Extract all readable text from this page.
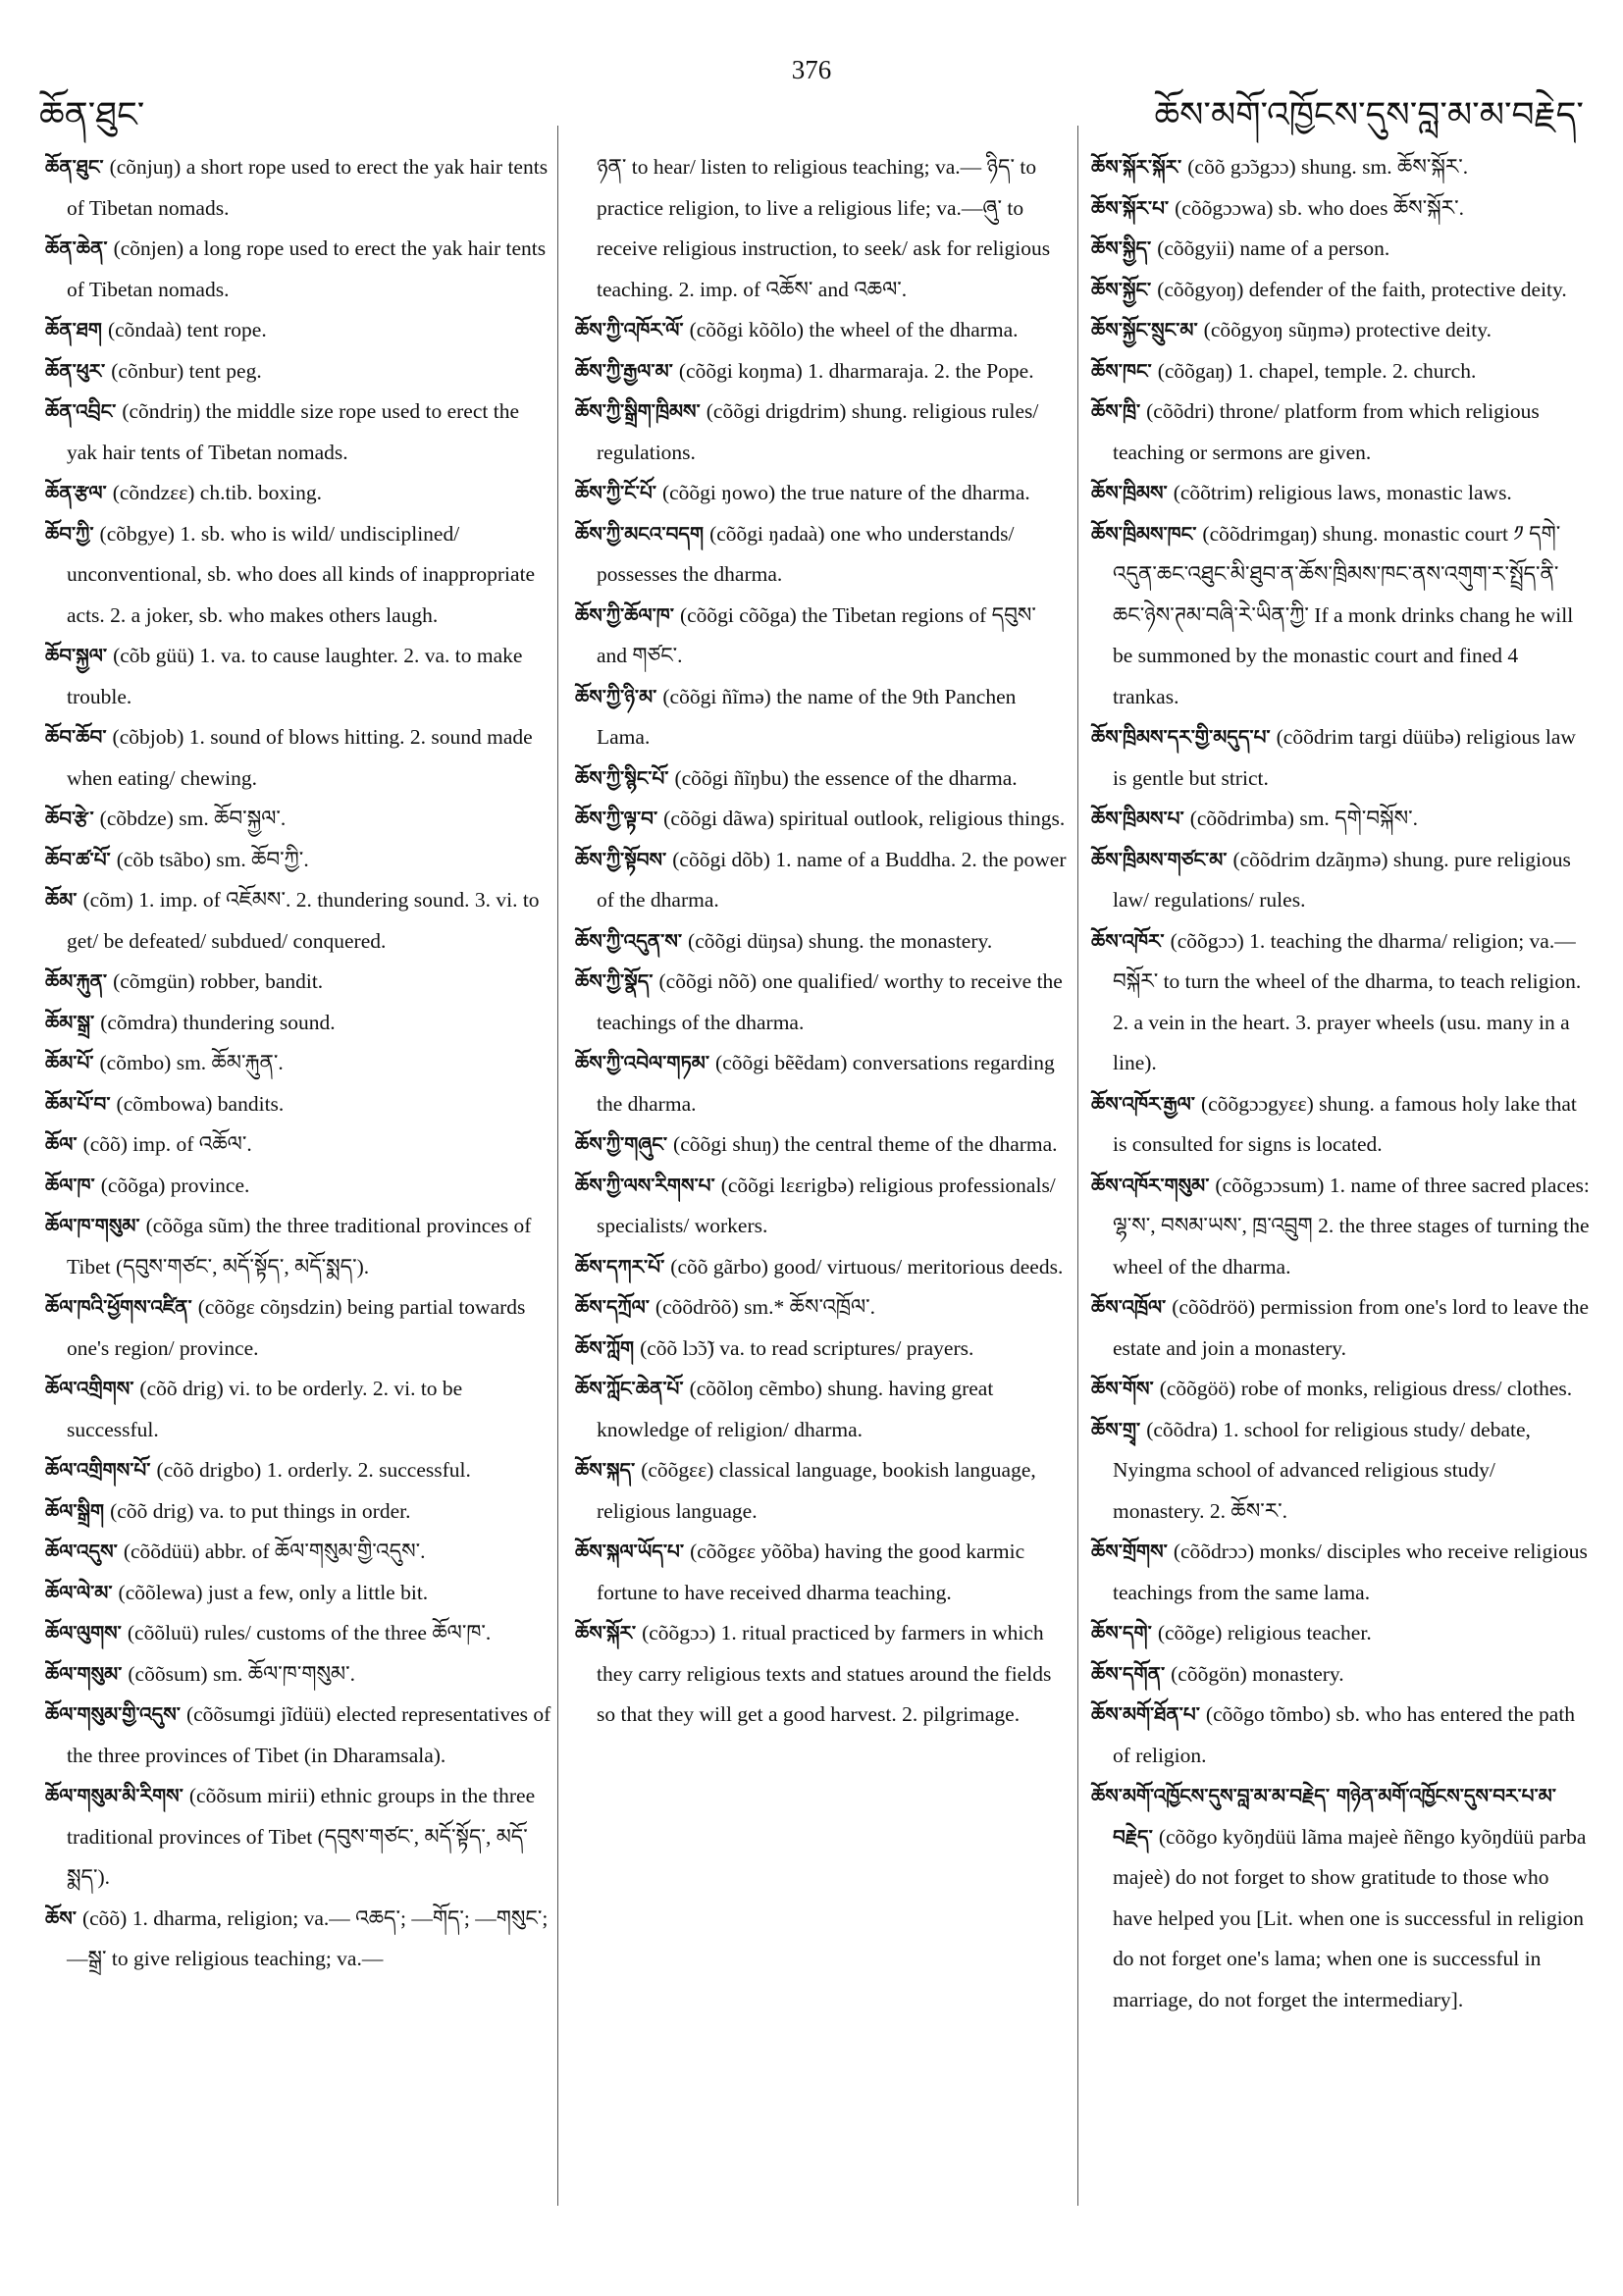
376
ཆོན་ཐུང་	ཆོས་མགོ་འཁྱོངས་དུས་བླ་མ་མ་བརྗེད་

ཆོན་ཐུང་ (cõnjuŋ) a short rope used to erect the yak hair tents of Tibetan nomads.

ཆོན་ཆེན་ (cõnjen) a long rope used to erect the yak hair tents of Tibetan nomads.

ཆོན་ཐག (cõndaà) tent rope.

ཆོན་ཕུར་ (cõnbur) tent peg.

ཆོན་འབྲིང་ (cõndriŋ) the middle size rope used to erect the yak hair tents of Tibetan nomads.

ཆོན་རྩལ་ (cõndzεε) ch.tib. boxing.

ཆོབ་ཀྱི་ (cõbgye) 1. sb. who is wild/ undisciplined/ unconventional, sb. who does all kinds of inappropriate acts. 2. a joker, sb. who makes others laugh.

ཆོབ་སྐྱལ་ (cõb güü) 1. va. to cause laughter. 2. va. to make trouble.

ཆོབ་ཆོབ་ (cõbjob) 1. sound of blows hitting. 2. sound made when eating/ chewing.

ཆོབ་རྩེ་ (cõbdze) sm. ཆོབ་སྐྱལ་.

ཆོབ་ཚ་པོ་ (cõb tsãbo) sm. ཆོབ་ཀྱི་.

ཆོམ་ (cõm) 1. imp. of འཇོམས་. 2. thundering sound. 3. vi. to get/ be defeated/ subdued/ conquered.

ཆོམ་རྐུན་ (cõmgün) robber, bandit.

ཆོམ་སྒྲ་ (cõmdra) thundering sound.

ཆོམ་པོ་ (cõmbo) sm. ཆོམ་རྐུན་.

ཆོམ་པོ་བ་ (cõmbowa) bandits.

ཆོལ་ (cõõ) imp. of འཆོལ་.

ཆོལ་ཁ་ (cõõga) province.

ཆོལ་ཁ་གསུམ་ (cõõga sũm) the three traditional provinces of Tibet (དབུས་གཙང་, མདོ་སྟོད་, མདོ་སྨད་).

ཆོལ་ཁའི་ཕྱོགས་འཛིན་ (cõõgε cõŋsdzin) being partial towards one's region/ province.

ཆོལ་འགྲིགས་ (cõõ drig) vi. to be orderly. 2. vi. to be successful.

ཆོལ་འགྲིགས་པོ་ (cõõ drigbo) 1. orderly. 2. successful.

ཆོལ་སྒྲིག (cõõ drig) va. to put things in order.

ཆོལ་འདུས་ (cõõdüü) abbr. of ཆོལ་གསུམ་གྱི་འདུས་.

ཆོལ་ལེ་མ་ (cõõlewa) just a few, only a little bit.

ཆོལ་ལུགས་ (cõõluü) rules/ customs of the three ཆོལ་ཁ་.

ཆོལ་གསུམ་ (cõõsum) sm. ཆོལ་ཁ་གསུམ་.

ཆོལ་གསུམ་གྱི་འདུས་ (cõõsumgi jĩdüü) elected representatives of the three provinces of Tibet (in Dharamsala).

ཆོལ་གསུམ་མི་རིགས་ (cõõsum mirii) ethnic groups in the three traditional provinces of Tibet (དབུས་གཙང་, མདོ་སྟོད་, མདོ་སྨད་).

ཆོས་ (cõõ) 1. dharma, religion; va.— འཆད་; —གོད་; —གསུང་; —སྒྲ་ to give religious teaching; va.—

ཉན་ to hear/ listen to religious teaching; va.— ཉིད་ to practice religion, to live a religious life; va.—ཞུ་ to receive religious instruction, to seek/ ask for religious teaching. 2. imp. of འཆོས་ and འཆལ་.

ཆོས་ཀྱི་འཁོར་ལོ་ (cõõgi kõõlo) the wheel of the dharma.

ཆོས་ཀྱི་རྒྱལ་མ་ (cõõgi koŋma) 1. dharmaraja. 2. the Pope.

ཆོས་ཀྱི་སྒྲིག་ཁྲིམས་ (cõõgi drigdrim) shung. religious rules/ regulations.

ཆོས་ཀྱི་ངོ་པོ་ (cõõgi ŋowo) the true nature of the dharma.

ཆོས་ཀྱི་མངའ་བདག (cõõgi ŋadaà) one who understands/ possesses the dharma.

ཆོས་ཀྱི་ཆོལ་ཁ་ (cõõgi cõõga) the Tibetan regions of དབུས་ and གཙང་.

ཆོས་ཀྱི་ཉི་མ་ (cõõgi ñĩmə) the name of the 9th Panchen Lama.

ཆོས་ཀྱི་སྙིང་པོ་ (cõõgi ñĩŋbu) the essence of the dharma.

ཆོས་ཀྱི་ལྟ་བ་ (cõõgi dãwa) spiritual outlook, religious things.

ཆོས་ཀྱི་སྟོབས་ (cõõgi dõb) 1. name of a Buddha. 2. the power of the dharma.

ཆོས་ཀྱི་འདུན་ས་ (cõõgi düŋsa) shung. the monastery.

ཆོས་ཀྱི་སྣོད་ (cõõgi nõõ) one qualified/ worthy to receive the teachings of the dharma.

ཆོས་ཀྱི་འབེལ་གཏམ་ (cõõgi bẽẽdam) conversations regarding the dharma.

ཆོས་ཀྱི་གཞུང་ (cõõgi shuŋ) the central theme of the dharma.

ཆོས་ཀྱི་ལས་རིགས་པ་ (cõõgi lεεrigbə) religious professionals/ specialists/ workers.

ཆོས་དཀར་པོ་ (cõõ gãrbo) good/ virtuous/ meritorious deeds.

ཆོས་དཀྲོལ་ (cõõdrõõ) sm.* ཆོས་འཁྲོལ་.

ཆོས་ཀློག (cõõ lɔ̃ɔ̃) va. to read scriptures/ prayers.

ཆོས་ཀློང་ཆེན་པོ་ (cõõloŋ cẽmbo) shung. having great knowledge of religion/ dharma.

ཆོས་སྐད་ (cõõgεε) classical language, bookish language, religious language.

ཆོས་སྐལ་ཡོད་པ་ (cõõgεε yõõba) having the good karmic fortune to have received dharma teaching.

ཆོས་སྐོར་ (cõõgɔɔ) 1. ritual practiced by farmers in which they carry religious texts and statues around the fields so that they will get a good harvest. 2. pilgrimage.

ཆོས་སྐོར་སྐོར་ (cõõ gɔ̃ɔgɔɔ) shung. sm. ཆོས་སྐོར་.

ཆོས་སྐོར་པ་ (cõõgɔɔwa) sb. who does ཆོས་སྐོར་.

ཆོས་སྐྱིད་ (cõõgyii) name of a person.

ཆོས་སྐྱོང་ (cõõgyoŋ) defender of the faith, protective deity.

ཆོས་སྐྱོང་སྲུང་མ་ (cõõgyoŋ sũŋmə) protective deity.

ཆོས་ཁང་ (cõõgaŋ) 1. chapel, temple. 2. church.

ཆོས་ཁྲི་ (cõõdri) throne/ platform from which religious teaching or sermons are given.

ཆོས་ཁྲིམས་ (cõõtrim) religious laws, monastic laws.

ཆོས་ཁྲིམས་ཁང་ (cõõdrimgaŋ) shung. monastic court ༡ དགེ་འདུན་ཆང་འཐུང་མི་ཐུབ་ན་ཆོས་ཁྲིམས་ཁང་ནས་འགུག་ར་སྤྲོད་ནི་ཆང་ཉེས་ཊམ་བཞི་རེ་ཡིན་ཀྱི་ If a monk drinks chang he will be summoned by the monastic court and fined 4 trankas.

ཆོས་ཁྲིམས་དར་གྱི་མདུད་པ་ (cõõdrim targi düübə) religious law is gentle but strict.

ཆོས་ཁྲིམས་པ་ (cõõdrimba) sm. དགེ་བསྐོས་.

ཆོས་ཁྲིམས་གཙང་མ་ (cõõdrim dzãŋmə) shung. pure religious law/ regulations/ rules.

ཆོས་འཁོར་ (cõõgɔɔ) 1. teaching the dharma/ religion; va.—བསྐོར་ to turn the wheel of the dharma, to teach religion. 2. a vein in the heart. 3. prayer wheels (usu. many in a line).

ཆོས་འཁོར་རྒྱལ་ (cõõgɔɔgyεε) shung. a famous holy lake that is consulted for signs is located.

ཆོས་འཁོར་གསུམ་ (cõõgɔɔsum) 1. name of three sacred places: ལྷ་ས་, བསམ་ཡས་, ཁྲ་འབྲུག 2. the three stages of turning the wheel of the dharma.

ཆོས་འཁྲོལ་ (cõõdröö) permission from one's lord to leave the estate and join a monastery.

ཆོས་གོས་ (cõõgöö) robe of monks, religious dress/ clothes.

ཆོས་གྲྭ་ (cõõdra) 1. school for religious study/ debate, Nyingma school of advanced religious study/ monastery. 2. ཆོས་ར་.

ཆོས་གྲོགས་ (cõõdrɔɔ) monks/ disciples who receive religious teachings from the same lama.

ཆོས་དགེ་ (cõõge) religious teacher.

ཆོས་དགོན་ (cõõgön) monastery.

ཆོས་མགོ་ཐོན་པ་ (cõõgo tõmbo) sb. who has entered the path of religion.

ཆོས་མགོ་འཁྱོངས་དུས་བླ་མ་མ་བརྗེད་ གཉེན་མགོ་འཁྱོངས་དུས་བར་པ་མ་བརྗེད་ (cõõgo kyõŋdüü lãma majeè ñẽngo kyõŋdüü parba majeè) do not forget to show gratitude to those who have helped you [Lit. when one is successful in religion do not forget one's lama; when one is successful in marriage, do not forget the intermediary].
